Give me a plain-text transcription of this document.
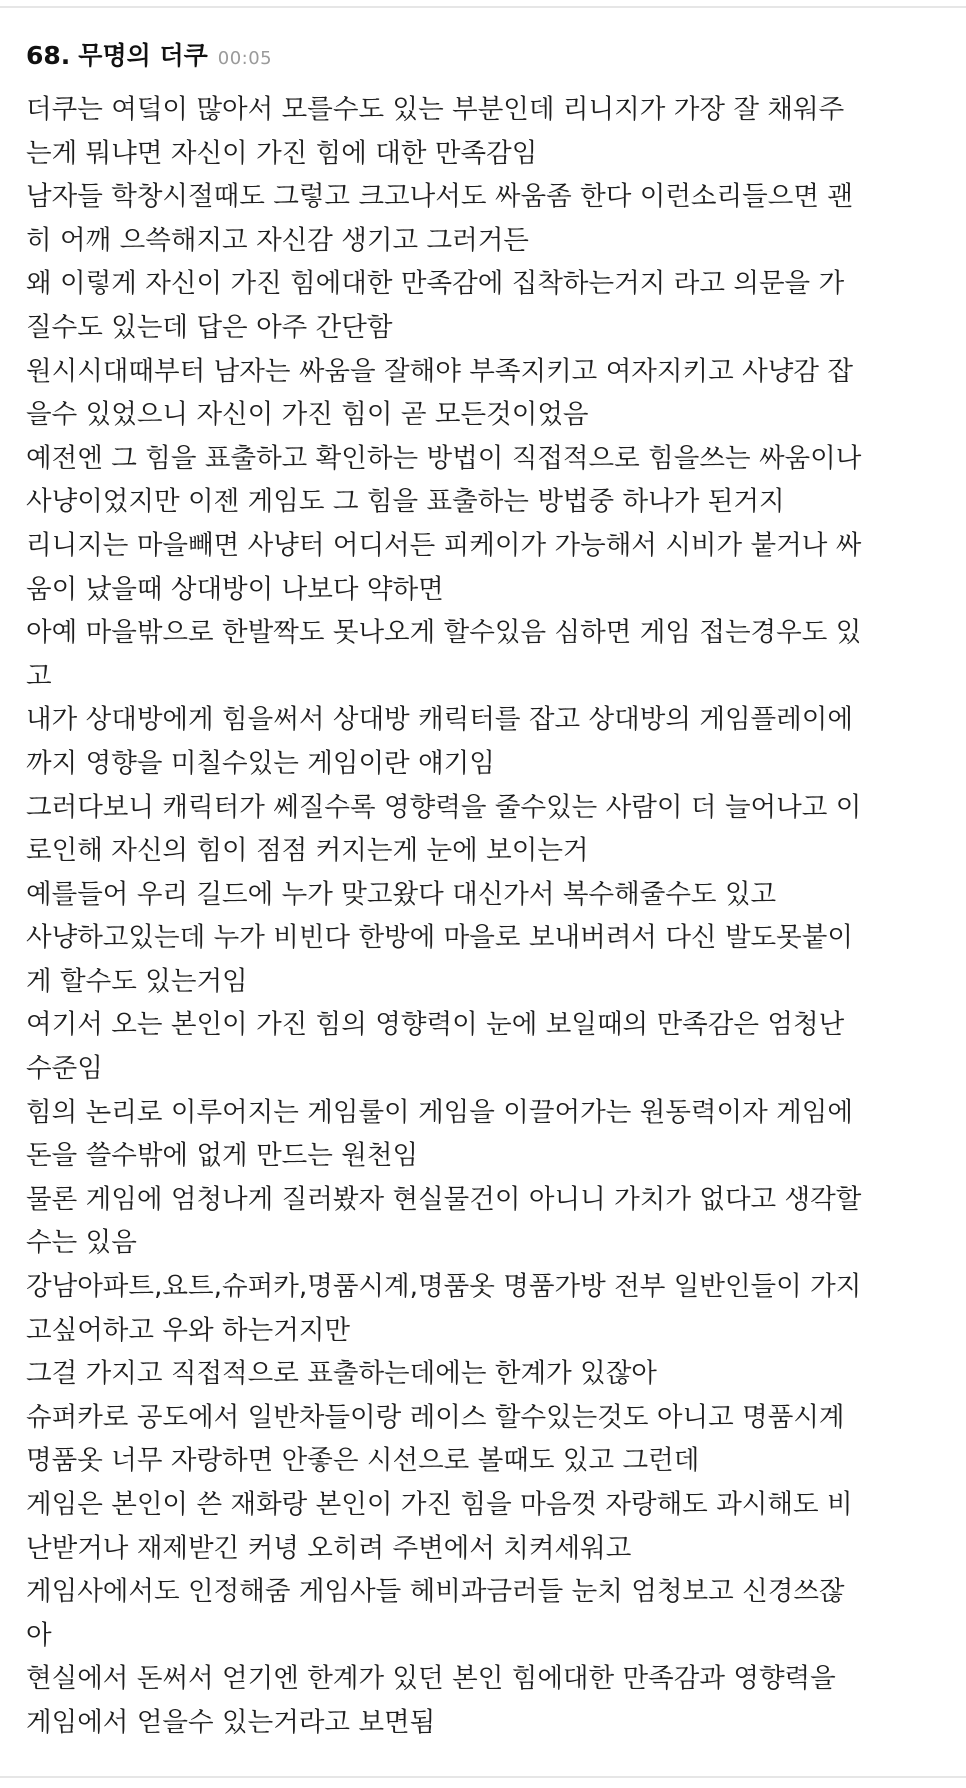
68. 무명의 더쿠 00:05
더쿠는 여덬이 많아서 모를수도 있는 부분인데 리니지가 가장 잘 채워주
는게 뭐냐면 자신이 가진 힘에 대한 만족감임
남자들 학창시절때도 그렇고 크고나서도 싸움좀 한다 이런소리들으면 괜
히 어깨 으쓱해지고 자신감 생기고 그러거든
왜 이렇게 자신이 가진 힘에대한 만족감에 집착하는거지 라고 의문을 가
질수도 있는데 답은 아주 간단함
원시시대때부터 남자는 싸움을 잘해야 부족지키고 여자지키고 사냥감 잡
을수 있었으니 자신이 가진 힘이 곧 모든것이었음
예전엔 그 힘을 표출하고 확인하는 방법이 직접적으로 힘을쓰는 싸움이나
사냥이었지만 이젠 게임도 그 힘을 표출하는 방법중 하나가 된거지
리니지는 마을빼면 사냥터 어디서든 피케이가 가능해서 시비가 붙거나 싸
움이 났을때 상대방이 나보다 약하면
아예 마을밖으로 한발짝도 못나오게 할수있음 심하면 게임 접는경우도 있
고
내가 상대방에게 힘을써서 상대방 캐릭터를 잡고 상대방의 게임플레이에
까지 영향을 미칠수있는 게임이란 얘기임
그러다보니 캐릭터가 쎄질수록 영향력을 줄수있는 사람이 더 늘어나고 이
로인해 자신의 힘이 점점 커지는게 눈에 보이는거
예를들어 우리 길드에 누가 맞고왔다 대신가서 복수해줄수도 있고
사냥하고있는데 누가 비빈다 한방에 마을로 보내버려서 다신 발도못붙이
게 할수도 있는거임
여기서 오는 본인이 가진 힘의 영향력이 눈에 보일때의 만족감은 엄청난
수준임
힘의 논리로 이루어지는 게임룰이 게임을 이끌어가는 원동력이자 게임에
돈을 쓸수밖에 없게 만드는 원천임
물론 게임에 엄청나게 질러봤자 현실물건이 아니니 가치가 없다고 생각할
수는 있음
강남아파트,요트,슈퍼카,명품시계,명품옷 명품가방 전부 일반인들이 가지
고싶어하고 우와 하는거지만
그걸 가지고 직접적으로 표출하는데에는 한계가 있잖아
슈퍼카로 공도에서 일반차들이랑 레이스 할수있는것도 아니고 명품시계
명품옷 너무 자랑하면 안좋은 시선으로 볼때도 있고 그런데
게임은 본인이 쓴 재화랑 본인이 가진 힘을 마음껏 자랑해도 과시해도 비
난받거나 재제받긴 커녕 오히려 주변에서 치켜세워고
게임사에서도 인정해줌 게임사들 헤비과금러들 눈치 엄청보고 신경쓰잖
아
현실에서 돈써서 얻기엔 한계가 있던 본인 힘에대한 만족감과 영향력을
게임에서 얻을수 있는거라고 보면됨
